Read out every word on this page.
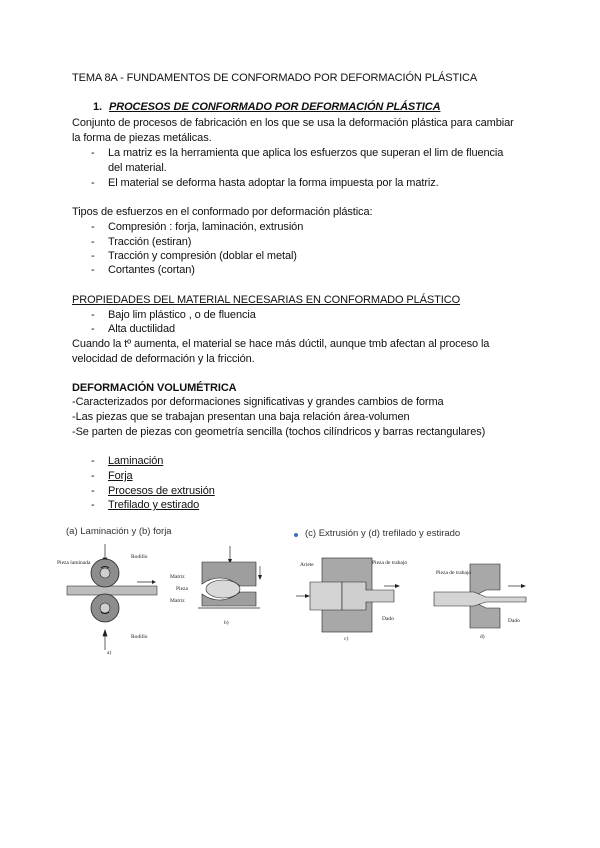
TEMA 8A - FUNDAMENTOS DE CONFORMADO POR DEFORMACIÓN PLÁSTICA
1. PROCESOS DE CONFORMADO POR DEFORMACIÓN PLÁSTICA
Conjunto de procesos de fabricación en los que se usa la deformación plástica para cambiar
la forma de piezas metálicas.
- La matriz es la herramienta que aplica los esfuerzos que superan el lim de fluencia
del material.
- El material se deforma hasta adoptar la forma impuesta por la matriz.
Tipos de esfuerzos en el conformado por deformación plástica:
- Compresión : forja, laminación, extrusión
- Tracción (estiran)
- Tracción y compresión (doblar el metal)
- Cortantes (cortan)
PROPIEDADES DEL MATERIAL NECESARIAS EN CONFORMADO PLÁSTICO
- Bajo lim plástico , o de fluencia
- Alta ductilidad
Cuando la tº aumenta, el material se hace más dúctil, aunque tmb afectan al proceso la
velocidad de deformación y la fricción.
DEFORMACIÓN VOLUMÉTRICA
-Caracterizados por deformaciones significativas y grandes cambios de forma
-Las piezas que se trabajan presentan una baja relación área-volumen
-Se parten de piezas con geometría sencilla (tochos cilíndricos y barras rectangulares)
- Laminación
- Forja
- Procesos de extrusión
- Trefilado y estirado
(a) Laminación y (b) forja	(c) Extrusión y (d) trefilado y estirado
Pieza laminada
Rodillo
Rodillo
a)
Matriz
Pieza
Matriz
b)
Ariete	Pieza de trabajo
Dado
c)
Pieza de trabajo
Dado
d)
